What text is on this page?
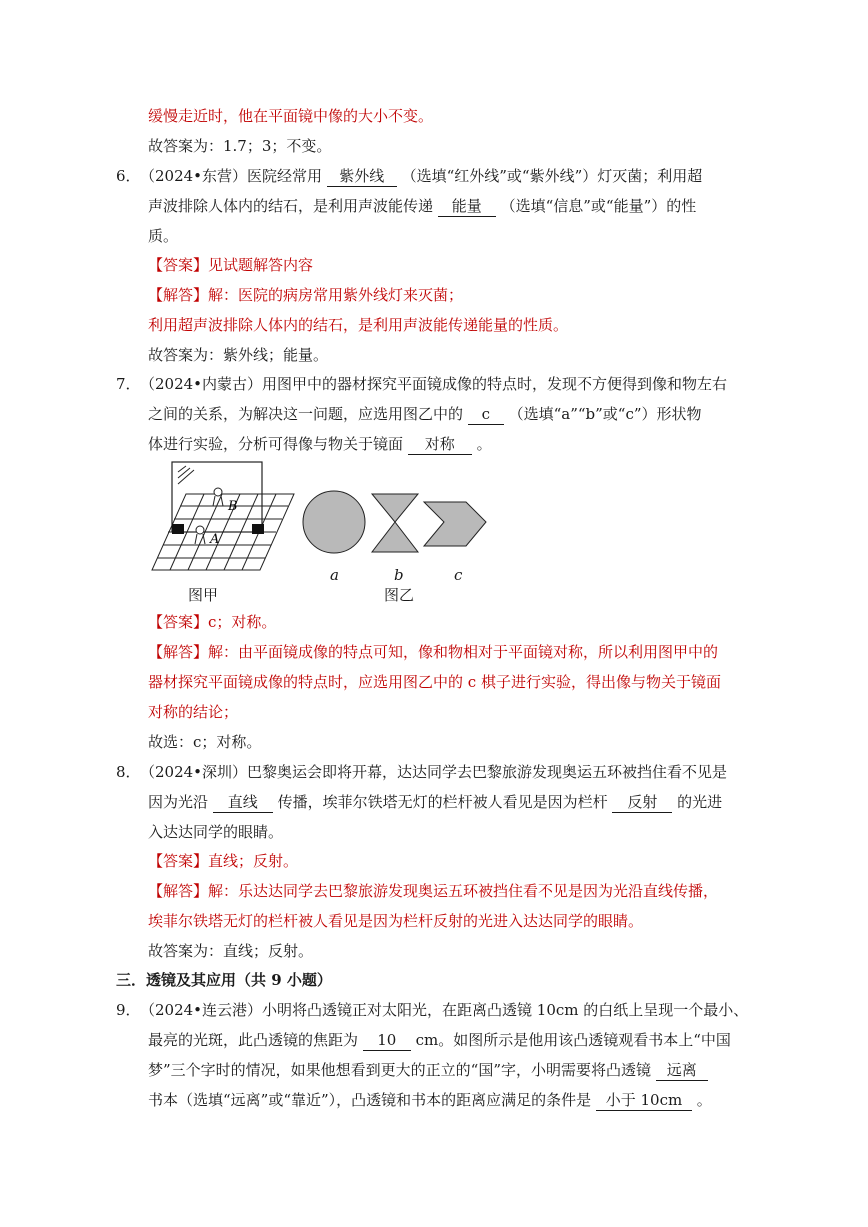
缓慢走近时，他在平面镜中像的大小不变。
故答案为：1.7；3；不变。
6． （2024•东营）医院经常用 紫外线 （选填“红外线”或“紫外线”）灯灭菌；利用超
声波排除人体内的结石，是利用声波能传递 能量 （选填“信息”或“能量”）的性
质。
【答案】见试题解答内容
【解答】解：医院的病房常用紫外线灯来灭菌；
利用超声波排除人体内的结石，是利用声波能传递能量的性质。
故答案为：紫外线；能量。
7． （2024•内蒙古）用图甲中的器材探究平面镜成像的特点时，发现不方便得到像和物左右
之间的关系，为解决这一问题，应选用图乙中的 c （选填“a”“b”或“c”）形状物
体进行实验，分析可得像与物关于镜面 对称 。
B
A
a	b	c
图甲	图乙
【答案】c；对称。
【解答】解：由平面镜成像的特点可知，像和物相对于平面镜对称，所以利用图甲中的
器材探究平面镜成像的特点时，应选用图乙中的 c 棋子进行实验，得出像与物关于镜面
对称的结论；
故选：c；对称。
8． （2024•深圳）巴黎奥运会即将开幕，达达同学去巴黎旅游发现奥运五环被挡住看不见是
因为光沿 直线 传播，埃菲尔铁塔无灯的栏杆被人看见是因为栏杆 反射 的光进
入达达同学的眼睛。
【答案】直线；反射。
【解答】解：乐达达同学去巴黎旅游发现奥运五环被挡住看不见是因为光沿直线传播，
埃菲尔铁塔无灯的栏杆被人看见是因为栏杆反射的光进入达达同学的眼睛。
故答案为：直线；反射。
三．透镜及其应用（共 9 小题）
9． （2024•连云港）小明将凸透镜正对太阳光，在距离凸透镜 10cm 的白纸上呈现一个最小、
最亮的光斑，此凸透镜的焦距为 10 cm。如图所示是他用该凸透镜观看书本上“中国
梦”三个字时的情况，如果他想看到更大的正立的“国”字，小明需要将凸透镜 远离
书本（选填“远离”或“靠近”），凸透镜和书本的距离应满足的条件是 小于 10cm 。
